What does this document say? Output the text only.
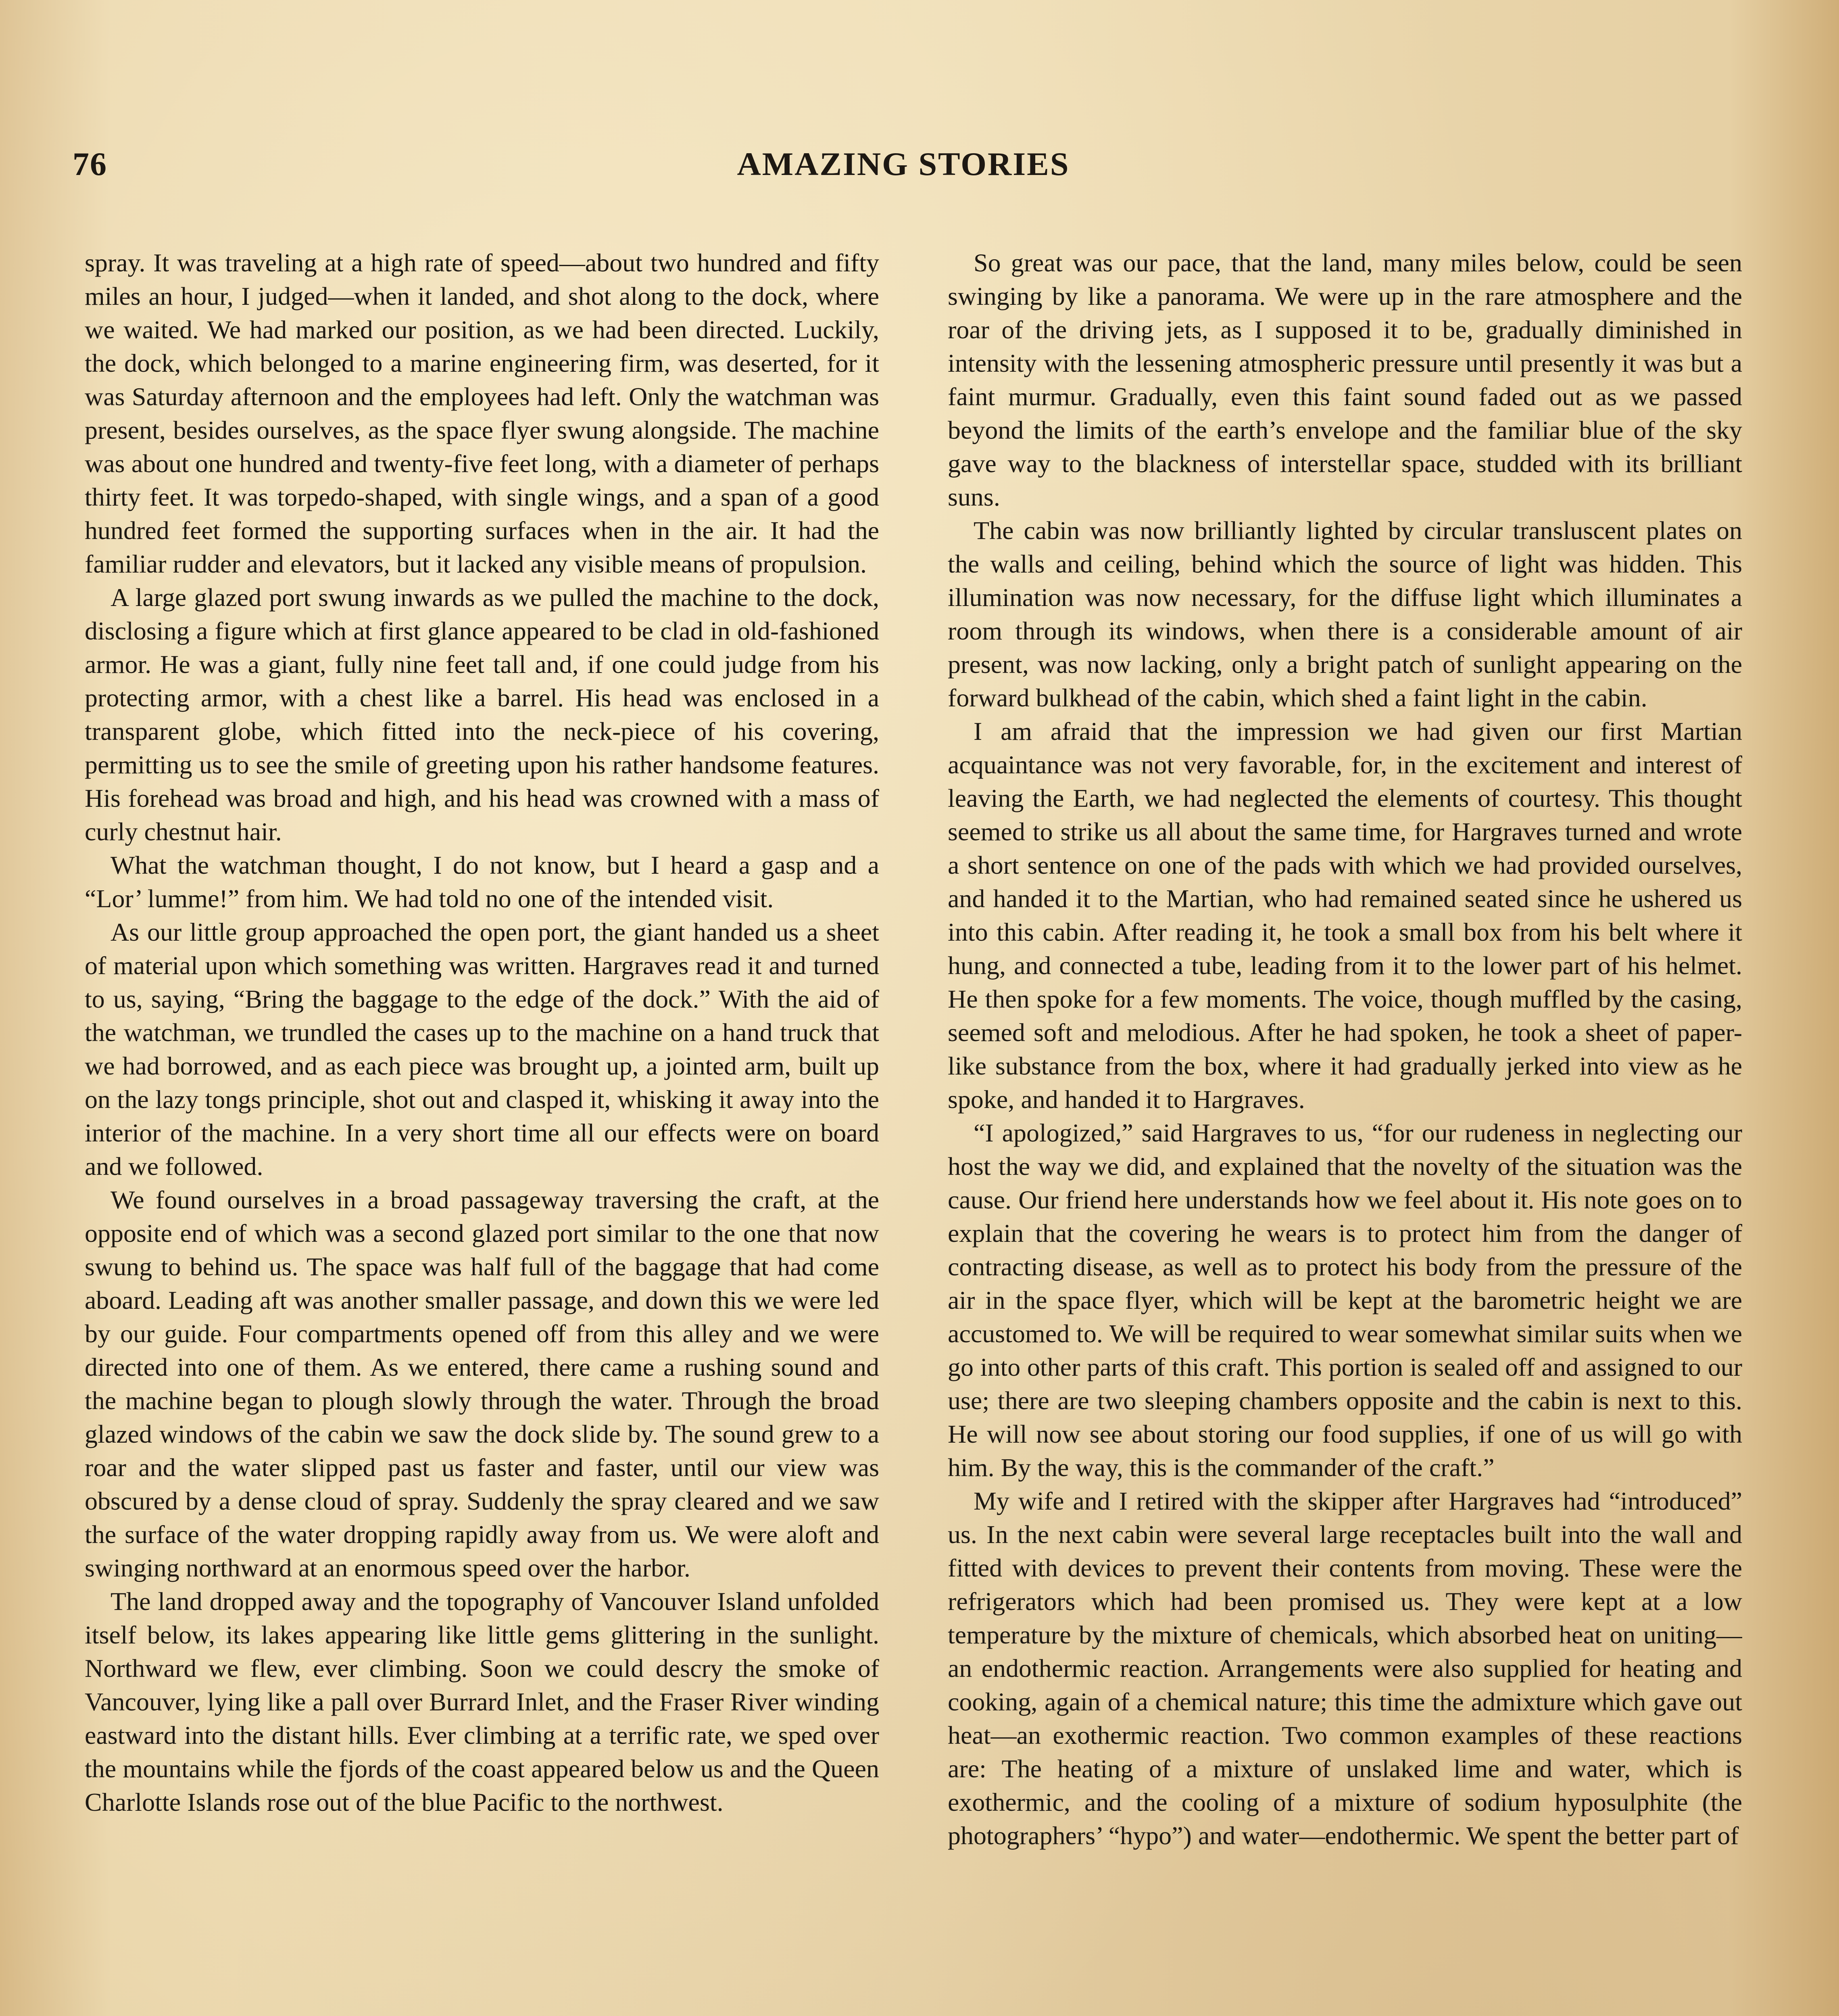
76	AMAZING STORIES

spray. It was traveling at a high rate of speed—about two hundred and fifty miles an hour, I judged—when it landed, and shot along to the dock, where we waited. We had marked our position, as we had been directed. Luckily, the dock, which belonged to a marine engineering firm, was deserted, for it was Saturday afternoon and the employees had left. Only the watchman was present, besides ourselves, as the space flyer swung alongside. The machine was about one hundred and twenty-five feet long, with a diameter of perhaps thirty feet. It was torpedo-shaped, with single wings, and a span of a good hundred feet formed the supporting surfaces when in the air. It had the familiar rudder and elevators, but it lacked any visible means of propulsion.

A large glazed port swung inwards as we pulled the machine to the dock, disclosing a figure which at first glance appeared to be clad in old-fashioned armor. He was a giant, fully nine feet tall and, if one could judge from his protecting armor, with a chest like a barrel. His head was enclosed in a transparent globe, which fitted into the neck-piece of his covering, permitting us to see the smile of greeting upon his rather handsome features. His forehead was broad and high, and his head was crowned with a mass of curly chestnut hair.

What the watchman thought, I do not know, but I heard a gasp and a “Lor’ lumme!” from him. We had told no one of the intended visit.

As our little group approached the open port, the giant handed us a sheet of material upon which something was written. Hargraves read it and turned to us, saying, “Bring the baggage to the edge of the dock.” With the aid of the watchman, we trundled the cases up to the machine on a hand truck that we had borrowed, and as each piece was brought up, a jointed arm, built up on the lazy tongs principle, shot out and clasped it, whisking it away into the interior of the machine. In a very short time all our effects were on board and we followed.

We found ourselves in a broad passageway traversing the craft, at the opposite end of which was a second glazed port similar to the one that now swung to behind us. The space was half full of the baggage that had come aboard. Leading aft was another smaller passage, and down this we were led by our guide. Four compartments opened off from this alley and we were directed into one of them. As we entered, there came a rushing sound and the machine began to plough slowly through the water. Through the broad glazed windows of the cabin we saw the dock slide by. The sound grew to a roar and the water slipped past us faster and faster, until our view was obscured by a dense cloud of spray. Suddenly the spray cleared and we saw the surface of the water dropping rapidly away from us. We were aloft and swinging northward at an enormous speed over the harbor.

The land dropped away and the topography of Vancouver Island unfolded itself below, its lakes appearing like little gems glittering in the sunlight. Northward we flew, ever climbing. Soon we could descry the smoke of Vancouver, lying like a pall over Burrard Inlet, and the Fraser River winding eastward into the distant hills. Ever climbing at a terrific rate, we sped over the mountains while the fjords of the coast appeared below us and the Queen Charlotte Islands rose out of the blue Pacific to the northwest.

So great was our pace, that the land, many miles below, could be seen swinging by like a panorama. We were up in the rare atmosphere and the roar of the driving jets, as I supposed it to be, gradually diminished in intensity with the lessening atmospheric pressure until presently it was but a faint murmur. Gradually, even this faint sound faded out as we passed beyond the limits of the earth’s envelope and the familiar blue of the sky gave way to the blackness of interstellar space, studded with its brilliant suns.

The cabin was now brilliantly lighted by circular transluscent plates on the walls and ceiling, behind which the source of light was hidden. This illumination was now necessary, for the diffuse light which illuminates a room through its windows, when there is a considerable amount of air present, was now lacking, only a bright patch of sunlight appearing on the forward bulkhead of the cabin, which shed a faint light in the cabin.

I am afraid that the impression we had given our first Martian acquaintance was not very favorable, for, in the excitement and interest of leaving the Earth, we had neglected the elements of courtesy. This thought seemed to strike us all about the same time, for Hargraves turned and wrote a short sentence on one of the pads with which we had provided ourselves, and handed it to the Martian, who had remained seated since he ushered us into this cabin. After reading it, he took a small box from his belt where it hung, and connected a tube, leading from it to the lower part of his helmet. He then spoke for a few moments. The voice, though muffled by the casing, seemed soft and melodious. After he had spoken, he took a sheet of paper-like substance from the box, where it had gradually jerked into view as he spoke, and handed it to Hargraves.

“I apologized,” said Hargraves to us, “for our rudeness in neglecting our host the way we did, and explained that the novelty of the situation was the cause. Our friend here understands how we feel about it. His note goes on to explain that the covering he wears is to protect him from the danger of contracting disease, as well as to protect his body from the pressure of the air in the space flyer, which will be kept at the barometric height we are accustomed to. We will be required to wear somewhat similar suits when we go into other parts of this craft. This portion is sealed off and assigned to our use; there are two sleeping chambers opposite and the cabin is next to this. He will now see about storing our food supplies, if one of us will go with him. By the way, this is the commander of the craft.”

My wife and I retired with the skipper after Hargraves had “introduced” us. In the next cabin were several large receptacles built into the wall and fitted with devices to prevent their contents from moving. These were the refrigerators which had been promised us. They were kept at a low temperature by the mixture of chemicals, which absorbed heat on uniting—an endothermic reaction. Arrangements were also supplied for heating and cooking, again of a chemical nature; this time the admixture which gave out heat—an exothermic reaction. Two common examples of these reactions are: The heating of a mixture of unslaked lime and water, which is exothermic, and the cooling of a mixture of sodium hyposulphite (the photographers’ “hypo”) and water—endothermic. We spent the better part of
